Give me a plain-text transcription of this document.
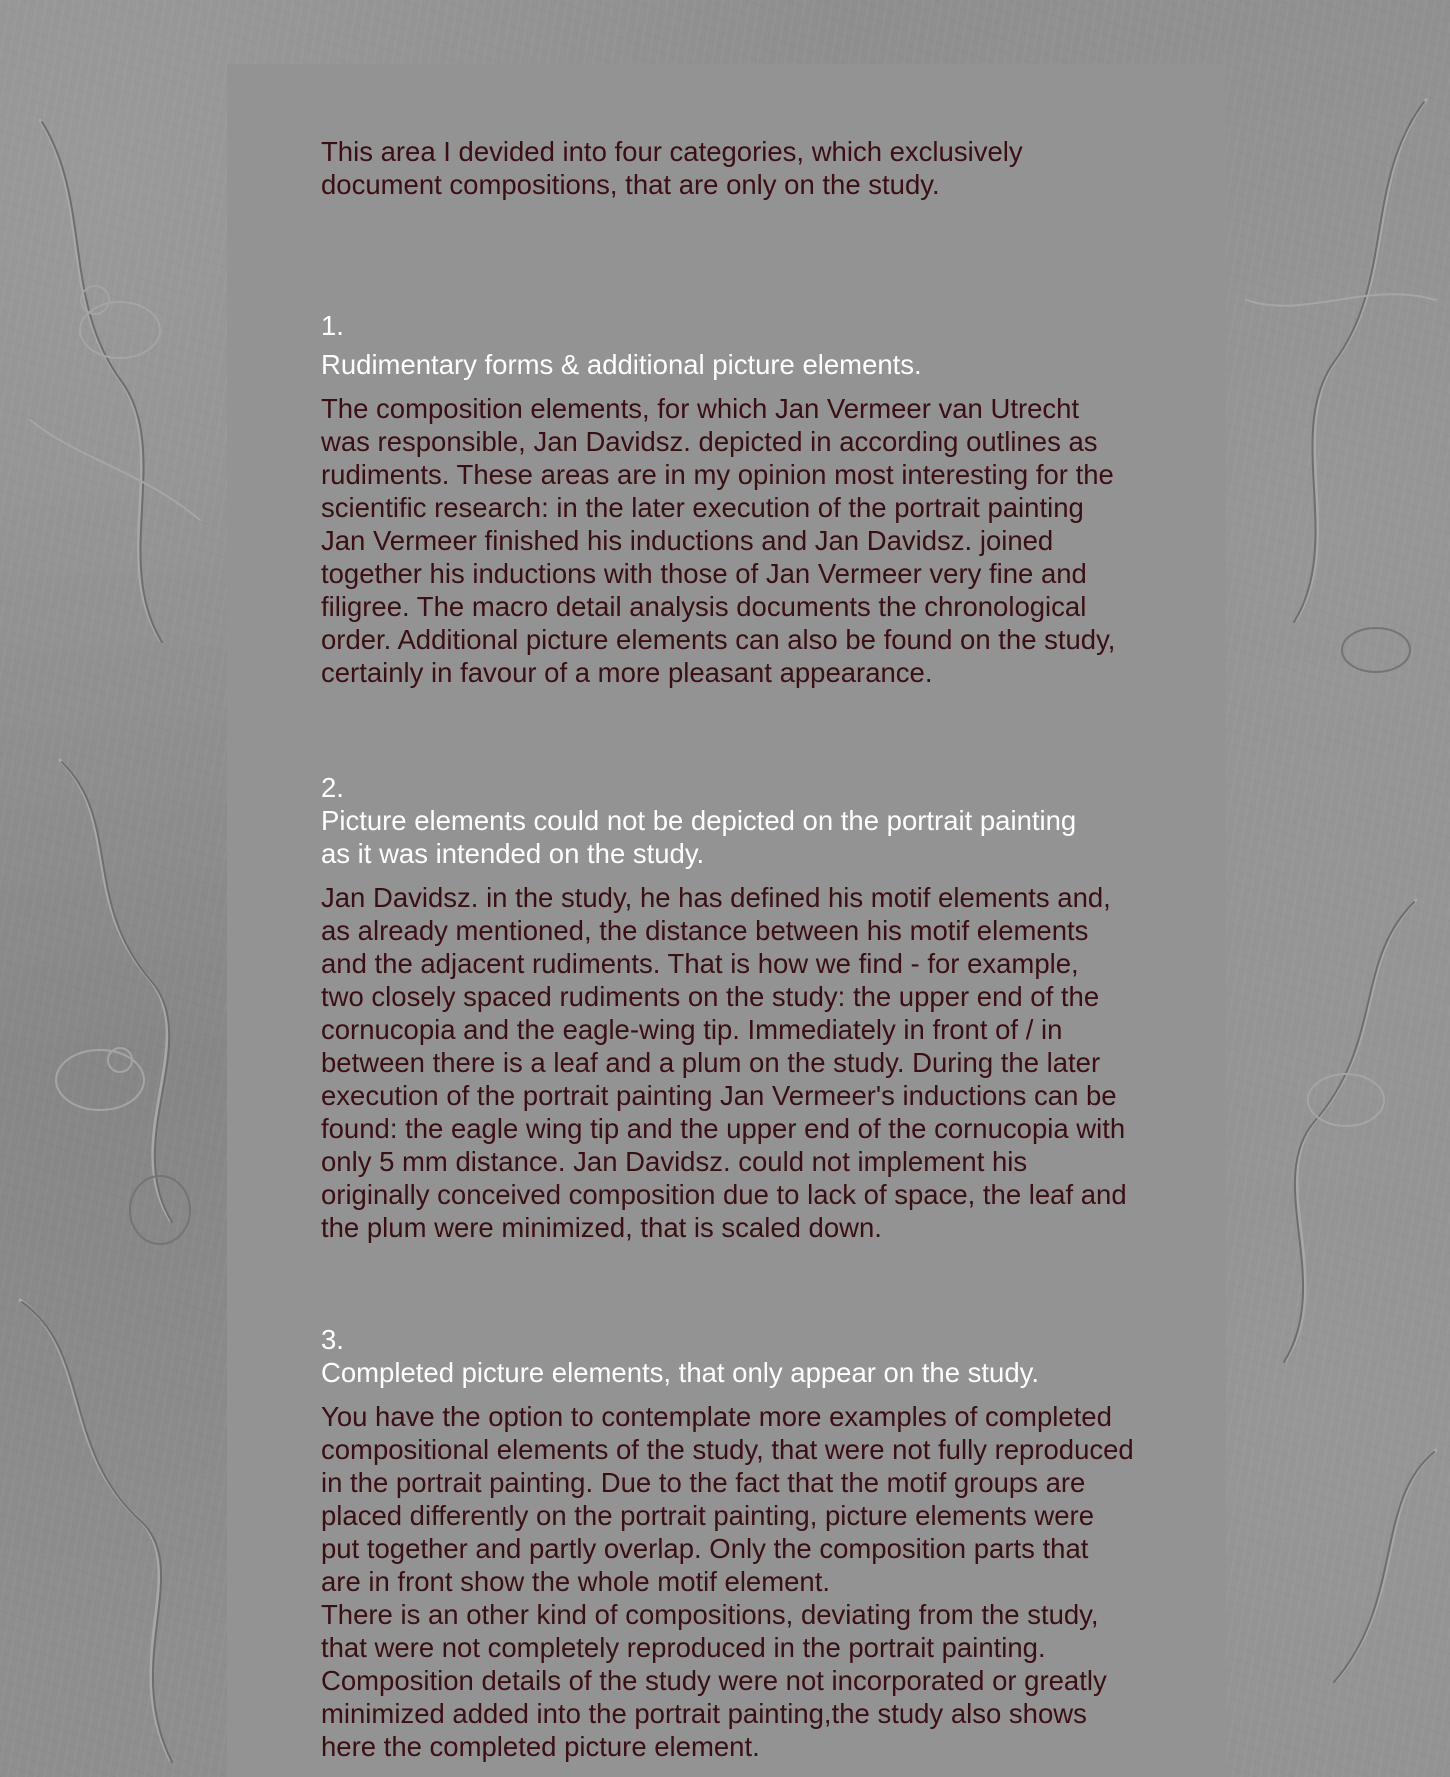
This area I devided into four categories, which exclusively
document compositions, that are only on the study.

1.

Rudimentary forms & additional picture elements.

The composition elements, for which Jan Vermeer van Utrecht
was responsible, Jan Davidsz. depicted in according outlines as
rudiments. These areas are in my opinion most interesting for the
scientific research: in the later execution of the portrait painting
Jan Vermeer finished his inductions and Jan Davidsz. joined
together his inductions with those of Jan Vermeer very fine and
filigree. The macro detail analysis documents the chronological
order. Additional picture elements can also be found on the study,
certainly in favour of a more pleasant appearance.

2.

Picture elements could not be depicted on the portrait painting
as it was intended on the study.

Jan Davidsz. in the study, he has defined his motif elements and,
as already mentioned, the distance between his motif elements
and the adjacent rudiments. That is how we find - for example,
two closely spaced rudiments on the study: the upper end of the
cornucopia and the eagle-wing tip. Immediately in front of / in
between there is a leaf and a plum on the study. During the later
execution of the portrait painting Jan Vermeer's inductions can be
found: the eagle wing tip and the upper end of the cornucopia with
only 5 mm distance. Jan Davidsz. could not implement his
originally conceived composition due to lack of space, the leaf and
the plum were minimized, that is scaled down.

3.

Completed picture elements, that only appear on the study.

You have the option to contemplate more examples of completed
compositional elements of the study, that were not fully reproduced
in the portrait painting. Due to the fact that the motif groups are
placed differently on the portrait painting, picture elements were
put together and partly overlap. Only the composition parts that
are in front show the whole motif element.
There is an other kind of compositions, deviating from the study,
that were not completely reproduced in the portrait painting.
Composition details of the study were not incorporated or greatly
minimized added into the portrait painting,the study also shows
here the completed picture element.
